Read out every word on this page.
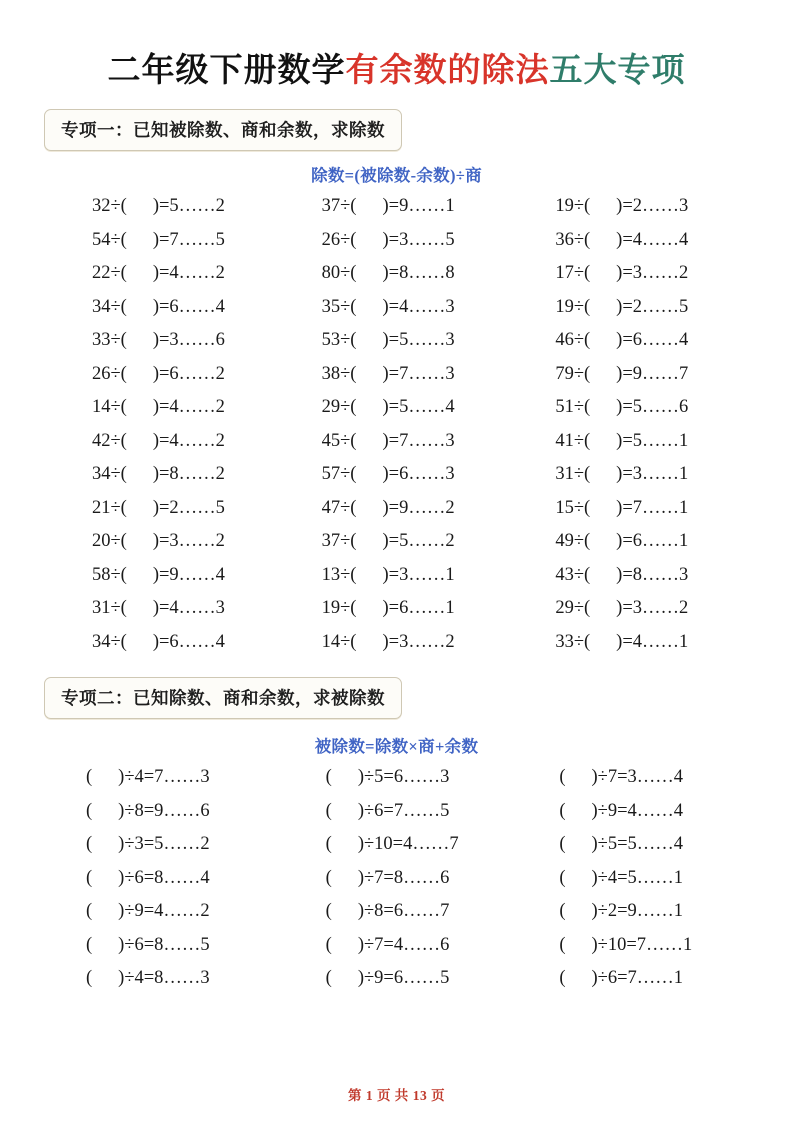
二年级下册数学有余数的除法五大专项
专项一：已知被除数、商和余数，求除数
除数=(被除数-余数)÷商
32÷( )=5……2	37÷( )=9……1	19÷( )=2……3
54÷( )=7……5	26÷( )=3……5	36÷( )=4……4
22÷( )=4……2	80÷( )=8……8	17÷( )=3……2
34÷( )=6……4	35÷( )=4……3	19÷( )=2……5
33÷( )=3……6	53÷( )=5……3	46÷( )=6……4
26÷( )=6……2	38÷( )=7……3	79÷( )=9……7
14÷( )=4……2	29÷( )=5……4	51÷( )=5……6
42÷( )=4……2	45÷( )=7……3	41÷( )=5……1
34÷( )=8……2	57÷( )=6……3	31÷( )=3……1
21÷( )=2……5	47÷( )=9……2	15÷( )=7……1
20÷( )=3……2	37÷( )=5……2	49÷( )=6……1
58÷( )=9……4	13÷( )=3……1	43÷( )=8……3
31÷( )=4……3	19÷( )=6……1	29÷( )=3……2
34÷( )=6……4	14÷( )=3……2	33÷( )=4……1
专项二：已知除数、商和余数，求被除数
被除数=除数×商+余数
( )÷4=7……3	( )÷5=6……3	( )÷7=3……4
( )÷8=9……6	( )÷6=7……5	( )÷9=4……4
( )÷3=5……2	( )÷10=4……7	( )÷5=5……4
( )÷6=8……4	( )÷7=8……6	( )÷4=5……1
( )÷9=4……2	( )÷8=6……7	( )÷2=9……1
( )÷6=8……5	( )÷7=4……6	( )÷10=7……1
( )÷4=8……3	( )÷9=6……5	( )÷6=7……1
第 1 页 共 13 页
